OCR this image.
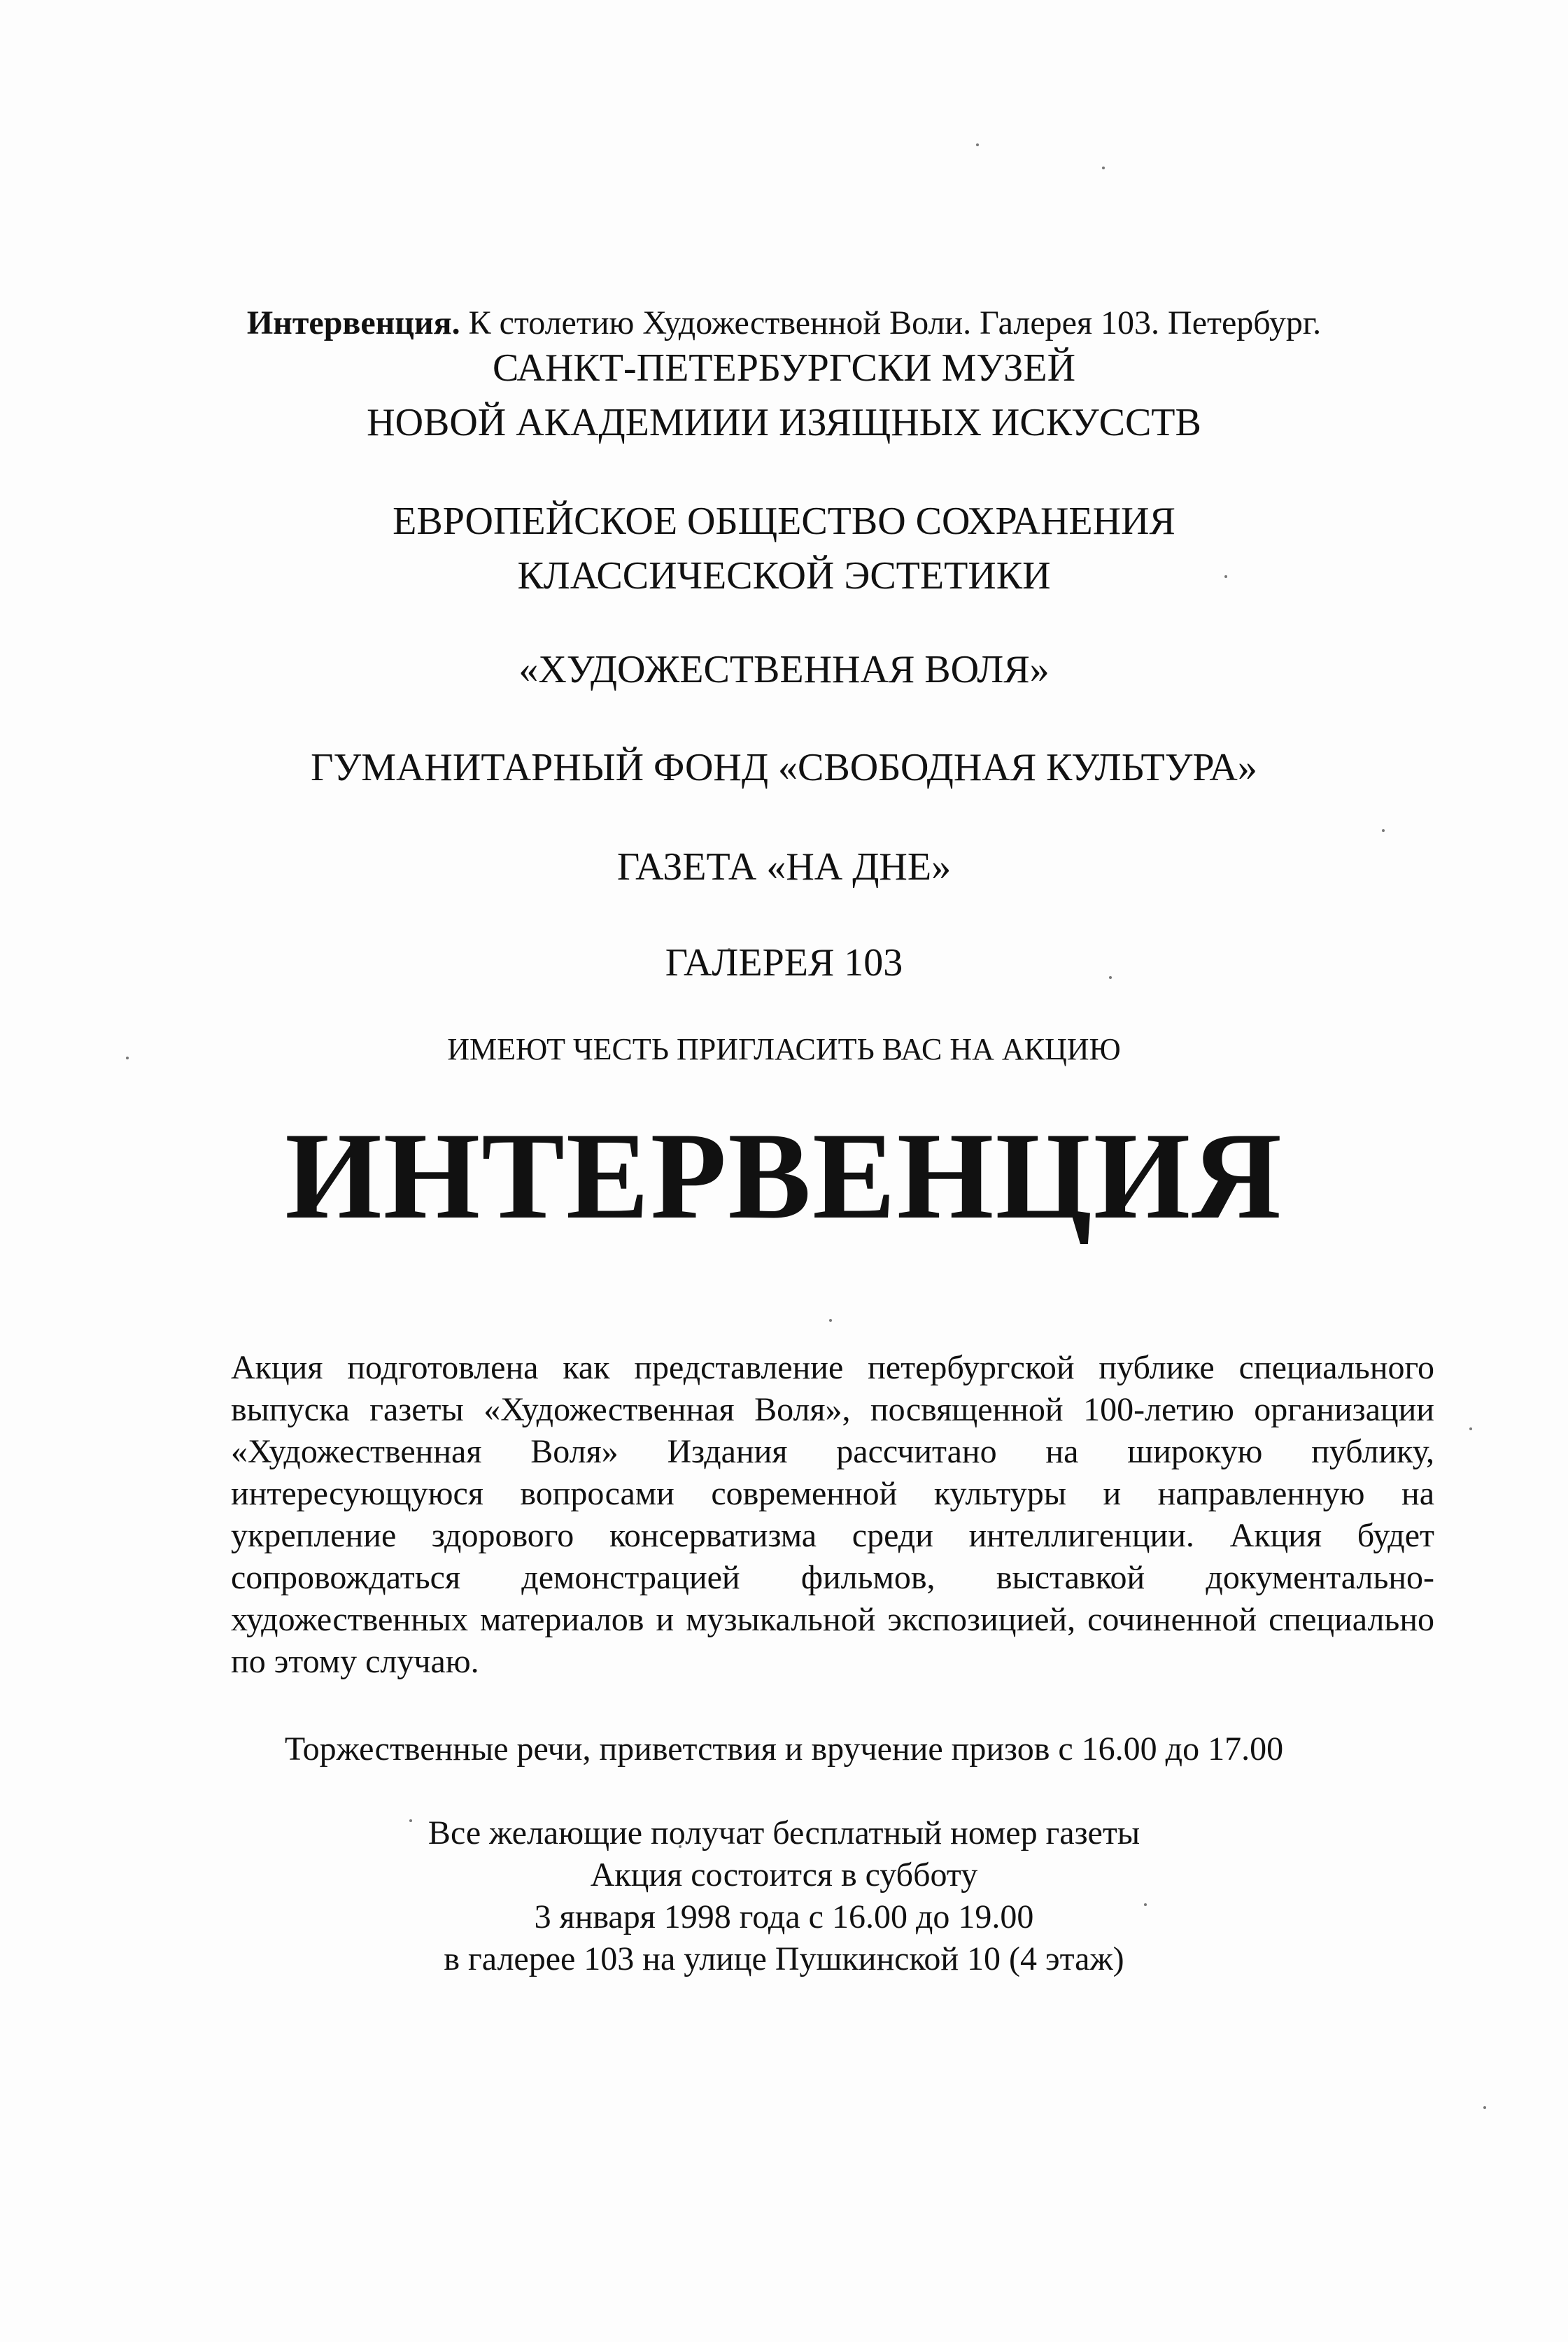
Интервенция. К столетию Художественной Воли. Галерея 103. Петербург.
САНКТ-ПЕТЕРБУРГСКИ МУЗЕЙ
НОВОЙ АКАДЕМИИИ ИЗЯЩНЫХ ИСКУССТВ
ЕВРОПЕЙСКОЕ ОБЩЕСТВО СОХРАНЕНИЯ
КЛАССИЧЕСКОЙ ЭСТЕТИКИ
«ХУДОЖЕСТВЕННАЯ ВОЛЯ»
ГУМАНИТАРНЫЙ ФОНД «СВОБОДНАЯ КУЛЬТУРА»
ГАЗЕТА «НА ДНЕ»
ГАЛЕРЕЯ 103
ИМЕЮТ ЧЕСТЬ ПРИГЛАСИТЬ ВАС НА АКЦИЮ
ИНТЕРВЕНЦИЯ
Акция подготовлена как представление петербургской публике специального выпуска газеты «Художественная Воля», посвященной 100-летию организации «Художественная Воля» Издания рассчитано на широкую публику, интересующуюся вопросами современной культуры и направленную на укрепление здорового консерватизма среди интеллигенции. Акция будет сопровождаться демонстрацией фильмов, выставкой документально-художественных материалов и музыкальной экспозицией, сочиненной специально по этому случаю.
Торжественные речи, приветствия и вручение призов с 16.00 до 17.00
Все желающие получат бесплатный номер газеты
Акция состоится в субботу
3 января 1998 года с 16.00 до 19.00
в галерее 103 на улице Пушкинской 10 (4 этаж)
